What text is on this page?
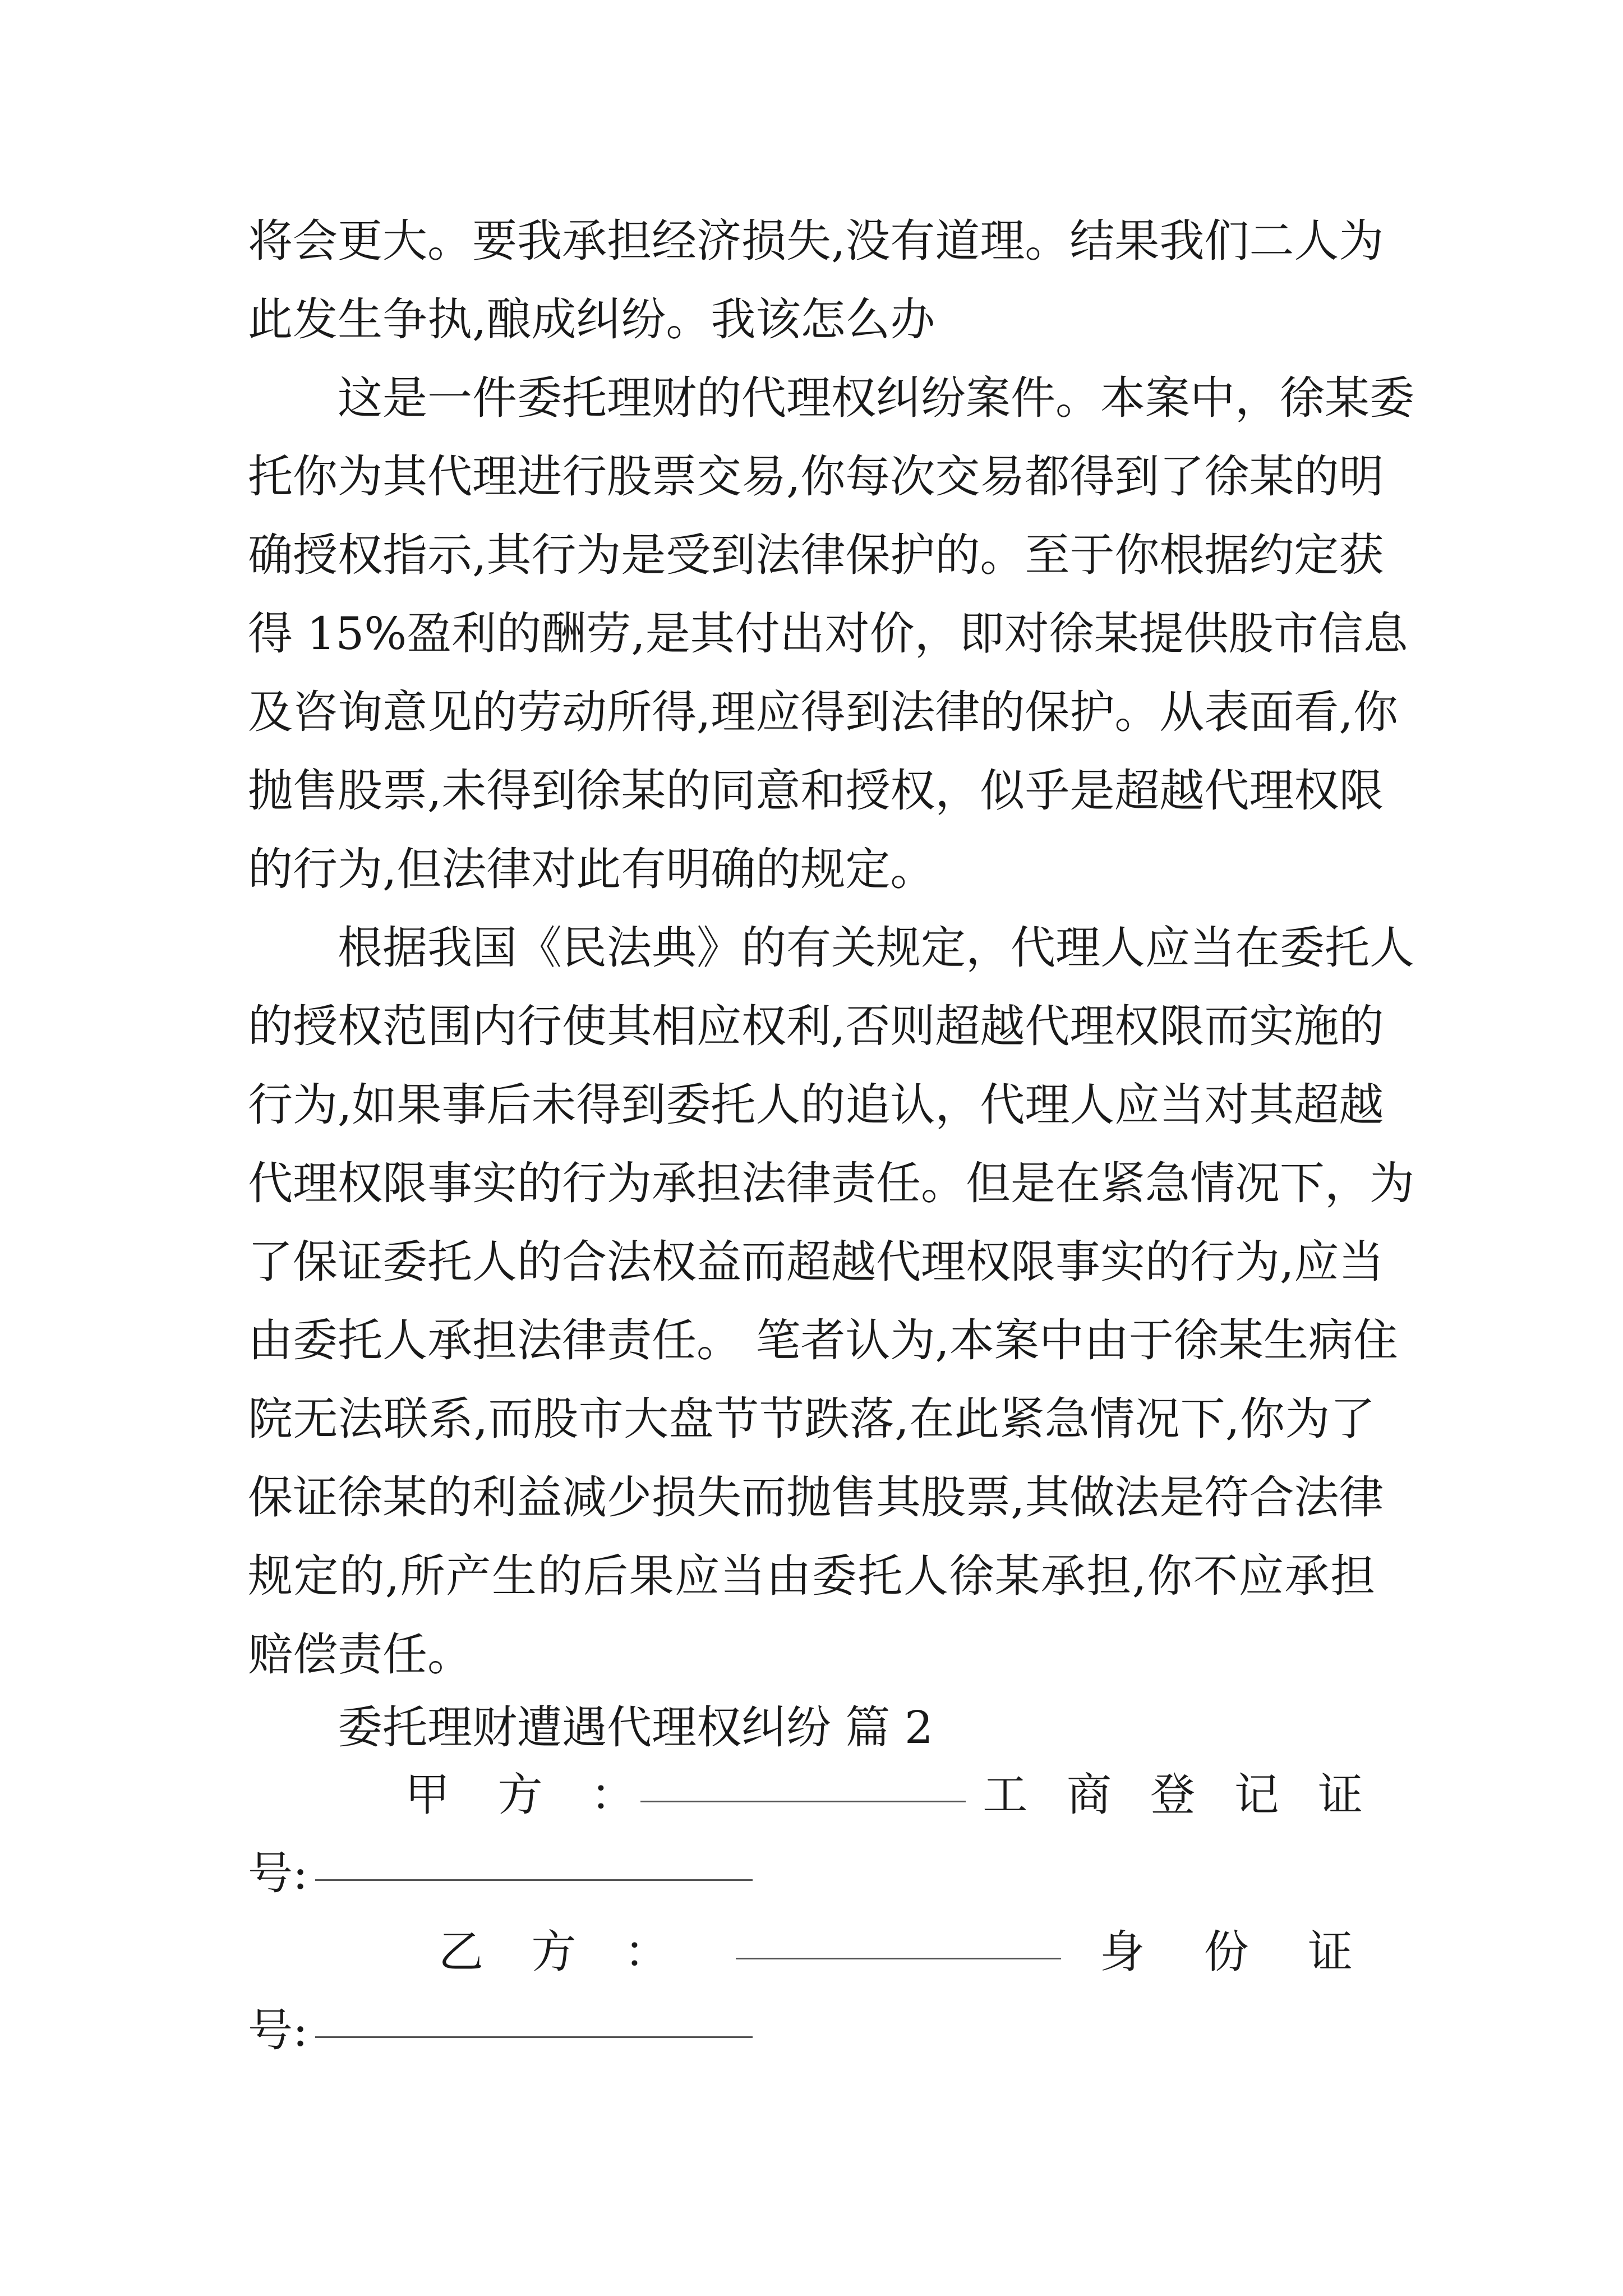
将会更大。要我承担经济损失,没有道理。结果我们二人为
此发生争执,酿成纠纷。我该怎么办
这是一件委托理财的代理权纠纷案件。本案中，徐某委
托你为其代理进行股票交易,你每次交易都得到了徐某的明
确授权指示,其行为是受到法律保护的。至于你根据约定获
得 15%盈利的酬劳,是其付出对价，即对徐某提供股市信息
及咨询意见的劳动所得,理应得到法律的保护。从表面看,你
抛售股票,未得到徐某的同意和授权，似乎是超越代理权限
的行为,但法律对此有明确的规定。
根据我国《民法典》的有关规定，代理人应当在委托人
的授权范围内行使其相应权利,否则超越代理权限而实施的
行为,如果事后未得到委托人的追认，代理人应当对其超越
代理权限事实的行为承担法律责任。但是在紧急情况下，为
了保证委托人的合法权益而超越代理权限事实的行为,应当
由委托人承担法律责任。 笔者认为,本案中由于徐某生病住
院无法联系,而股市大盘节节跌落,在此紧急情况下,你为了
保证徐某的利益减少损失而抛售其股票,其做法是符合法律
规定的,所产生的后果应当由委托人徐某承担,你不应承担
赔偿责任。
委托理财遭遇代理权纠纷 篇 2
甲 方 ：	工 商 登 记 证
号:
乙 方 ：	身 份 证
号:
